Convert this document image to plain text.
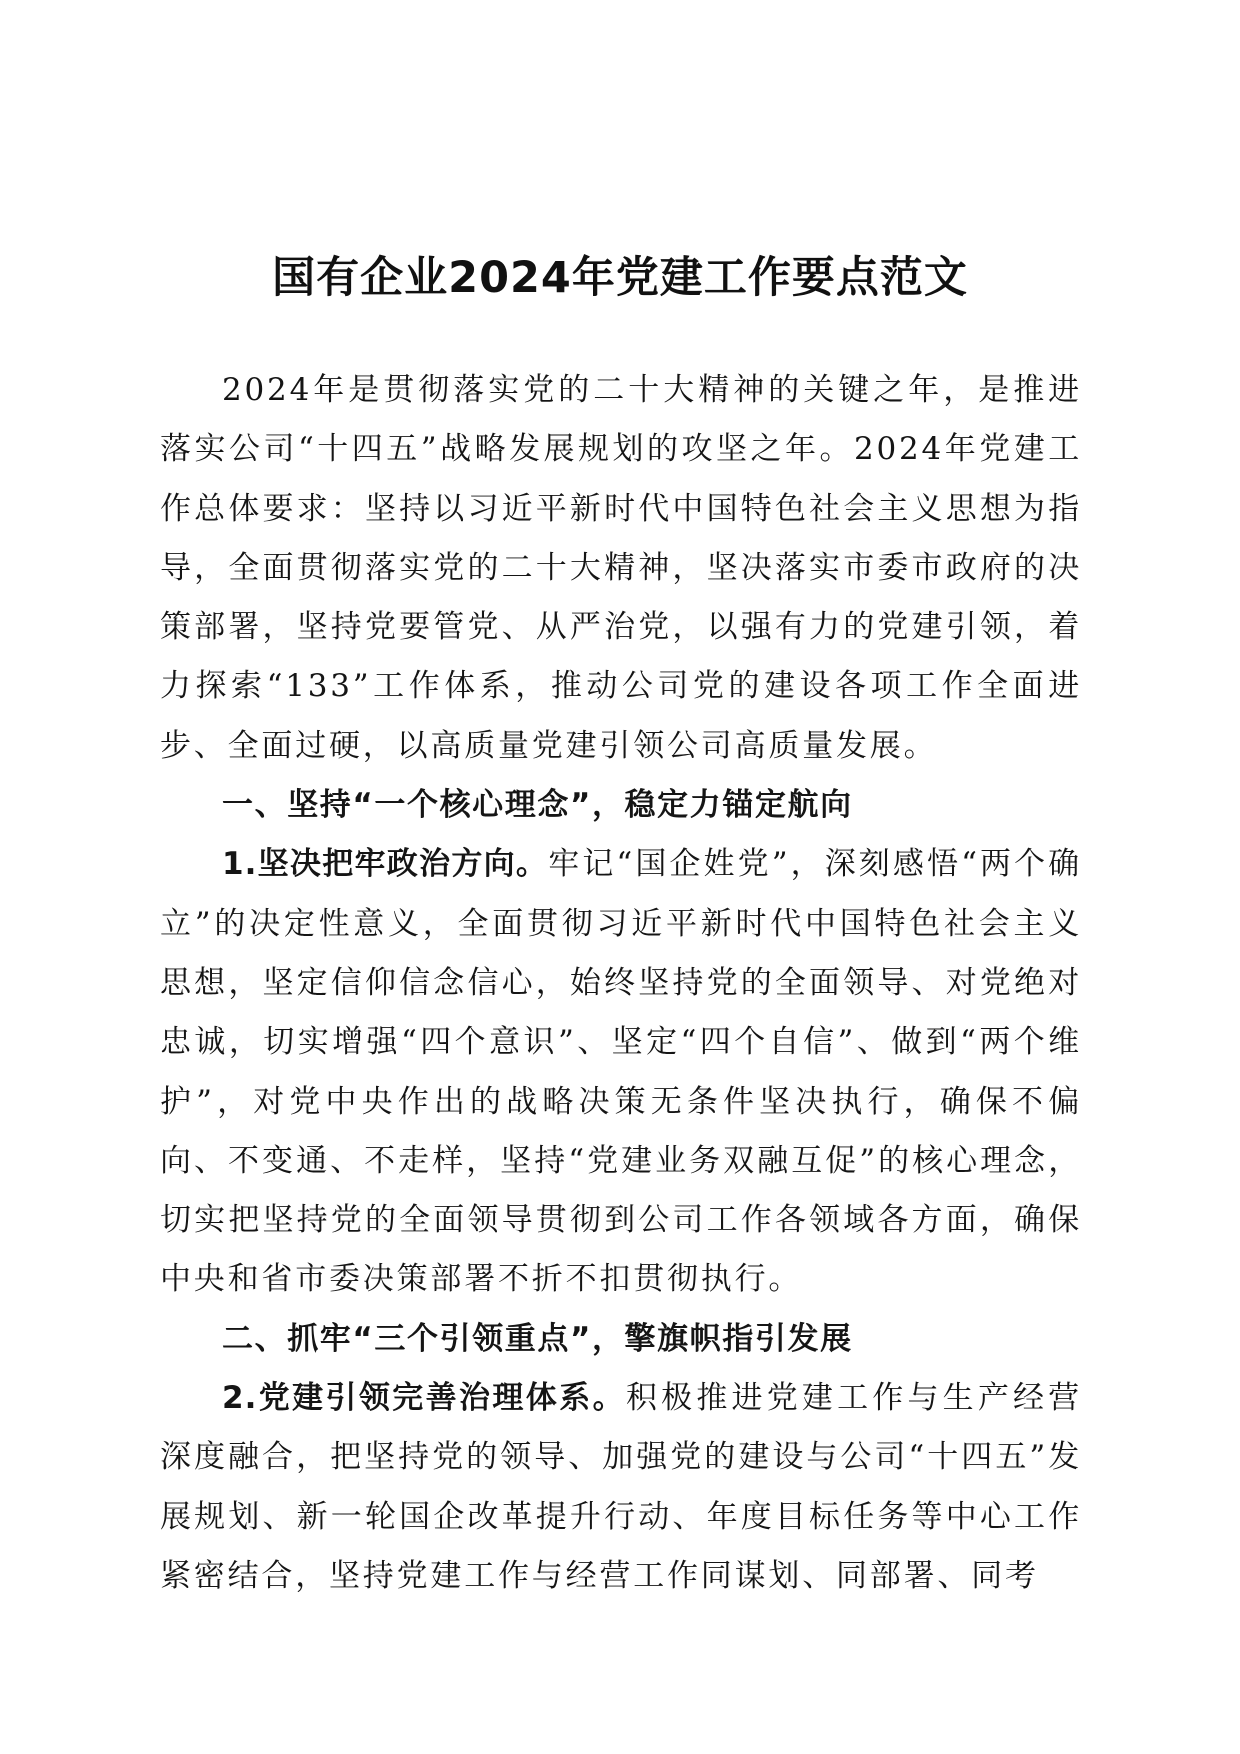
国有企业2024年党建工作要点范文

2024年是贯彻落实党的二十大精神的关键之年，是推进落实公司“十四五”战略发展规划的攻坚之年。2024年党建工作总体要求：坚持以习近平新时代中国特色社会主义思想为指导，全面贯彻落实党的二十大精神，坚决落实市委市政府的决策部署，坚持党要管党、从严治党，以强有力的党建引领，着力探索“133”工作体系，推动公司党的建设各项工作全面进步、全面过硬，以高质量党建引领公司高质量发展。

一、坚持“一个核心理念”，稳定力锚定航向

1.坚决把牢政治方向。牢记“国企姓党”，深刻感悟“两个确立”的决定性意义，全面贯彻习近平新时代中国特色社会主义思想，坚定信仰信念信心，始终坚持党的全面领导、对党绝对忠诚，切实增强“四个意识”、坚定“四个自信”、做到“两个维护”，对党中央作出的战略决策无条件坚决执行，确保不偏向、不变通、不走样，坚持“党建业务双融互促”的核心理念，切实把坚持党的全面领导贯彻到公司工作各领域各方面，确保中央和省市委决策部署不折不扣贯彻执行。

二、抓牢“三个引领重点”，擎旗帜指引发展

2.党建引领完善治理体系。积极推进党建工作与生产经营深度融合，把坚持党的领导、加强党的建设与公司“十四五”发展规划、新一轮国企改革提升行动、年度目标任务等中心工作紧密结合，坚持党建工作与经营工作同谋划、同部署、同考
